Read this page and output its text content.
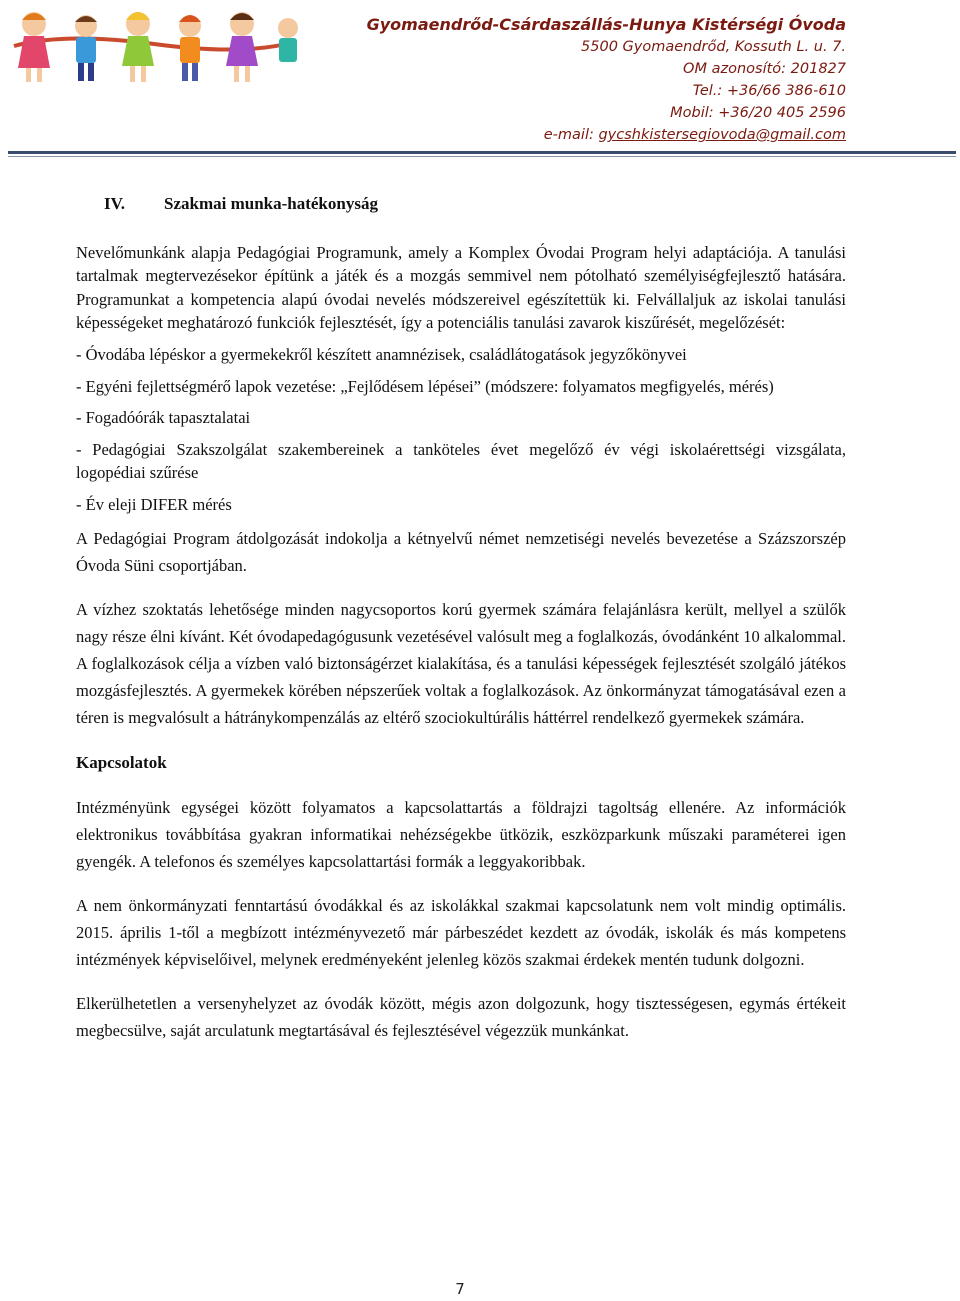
Gyomaendrőd-Csárdaszállás-Hunya Kistérségi Óvoda
5500 Gyomaendrőd, Kossuth L. u. 7.
OM azonosító: 201827
Tel.: +36/66 386-610
Mobil: +36/20 405 2596
e-mail: gycshkistersegiovoda@gmail.com
IV. Szakmai munka-hatékonyság

Nevelőmunkánk alapja Pedagógiai Programunk, amely a Komplex Óvodai Program helyi adaptációja. A tanulási tartalmak megtervezésekor építünk a játék és a mozgás semmivel nem pótolható személyiségfejlesztő hatására. Programunkat a kompetencia alapú óvodai nevelés módszereivel egészítettük ki. Felvállaljuk az iskolai tanulási képességeket meghatározó funkciók fejlesztését, így a potenciális tanulási zavarok kiszűrését, megelőzését:

- Óvodába lépéskor a gyermekekről készített anamnézisek, családlátogatások jegyzőkönyvei

- Egyéni fejlettségmérő lapok vezetése: „Fejlődésem lépései” (módszere: folyamatos megfigyelés, mérés)

- Fogadóórák tapasztalatai

- Pedagógiai Szakszolgálat szakembereinek a tanköteles évet megelőző év végi iskolaérettségi vizsgálata, logopédiai szűrése

- Év eleji DIFER mérés

A Pedagógiai Program átdolgozását indokolja a kétnyelvű német nemzetiségi nevelés bevezetése a Százszorszép Óvoda Süni csoportjában.

A vízhez szoktatás lehetősége minden nagycsoportos korú gyermek számára felajánlásra került, mellyel a szülők nagy része élni kívánt. Két óvodapedagógusunk vezetésével valósult meg a foglalkozás, óvodánként 10 alkalommal. A foglalkozások célja a vízben való biztonságérzet kialakítása, és a tanulási képességek fejlesztését szolgáló játékos mozgásfejlesztés. A gyermekek körében népszerűek voltak a foglalkozások. Az önkormányzat támogatásával ezen a téren is megvalósult a hátránykompenzálás az eltérő szociokultúrális háttérrel rendelkező gyermekek számára.

Kapcsolatok

Intézményünk egységei között folyamatos a kapcsolattartás a földrajzi tagoltság ellenére. Az információk elektronikus továbbítása gyakran informatikai nehézségekbe ütközik, eszközparkunk műszaki paraméterei igen gyengék. A telefonos és személyes kapcsolattartási formák a leggyakoribbak.

A nem önkormányzati fenntartású óvodákkal és az iskolákkal szakmai kapcsolatunk nem volt mindig optimális. 2015. április 1-től a megbízott intézményvezető már párbeszédet kezdett az óvodák, iskolák és más kompetens intézmények képviselőivel, melynek eredményeként jelenleg közös szakmai érdekek mentén tudunk dolgozni.

Elkerülhetetlen a versenyhelyzet az óvodák között, mégis azon dolgozunk, hogy tisztességesen, egymás értékeit megbecsülve, saját arculatunk megtartásával és fejlesztésével végezzük munkánkat.

7
